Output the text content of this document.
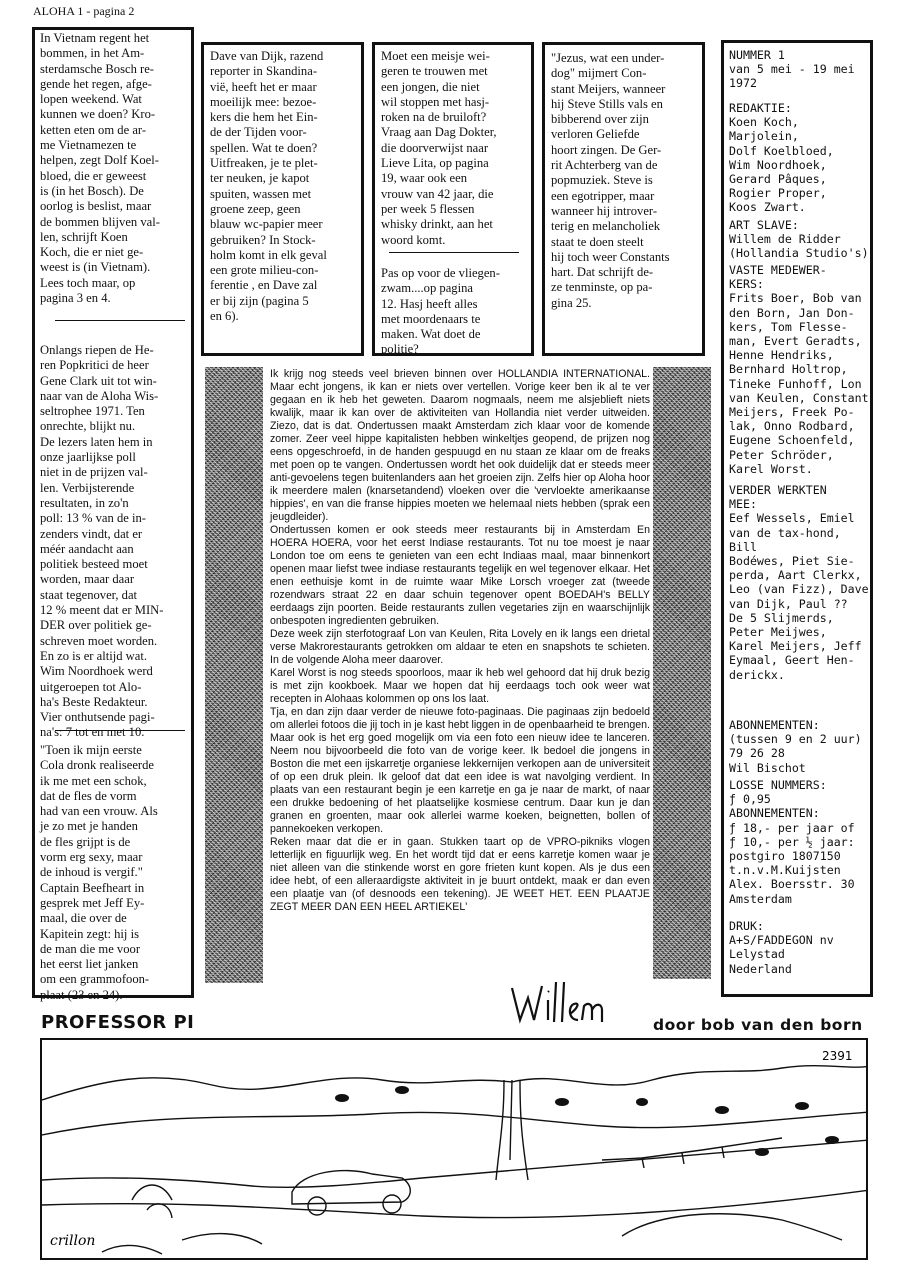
ALOHA 1 - pagina 2
In Vietnam regent het
bommen, in het Am-
sterdamsche Bosch re-
gende het regen, afge-
lopen weekend. Wat
kunnen we doen? Kro-
ketten eten om de ar-
me Vietnamezen te
helpen, zegt Dolf Koel-
bloed, die er geweest
is (in het Bosch). De
oorlog is beslist, maar
de bommen blijven val-
len, schrijft Koen
Koch, die er niet ge-
weest is (in Vietnam).
Lees toch maar, op
pagina 3 en 4.
Onlangs riepen de He-
ren Popkritici de heer
Gene Clark uit tot win-
naar van de Aloha Wis-
seltrophee 1971. Ten
onrechte, blijkt nu.
De lezers laten hem in
onze jaarlijkse poll
niet in de prijzen val-
len. Verbijsterende
resultaten, in zo'n
poll: 13 % van de in-
zenders vindt, dat er
méér aandacht aan
politiek besteed moet
worden, maar daar
staat tegenover, dat
12 % meent dat er MIN-
DER over politiek ge-
schreven moet worden.
En zo is er altijd wat.
Wim Noordhoek werd
uitgeroepen tot Alo-
ha's Beste Redakteur.
Vier onthutsende pagi-
na's: 7 tot en met 10.
"Toen ik mijn eerste
Cola dronk realiseerde
ik me met een schok,
dat de fles de vorm
had van een vrouw. Als
je zo met je handen
de fles grijpt is de
vorm erg sexy, maar
de inhoud is vergif."
Captain Beefheart in
gesprek met Jeff Ey-
maal, die over de
Kapitein zegt: hij is
de man die me voor
het eerst liet janken
om een grammofoon-
plaat (23 en 24).
Dave van Dijk, razend
reporter in Skandina-
vië, heeft het er maar
moeilijk mee: bezoe-
kers die hem het Ein-
de der Tijden voor-
spellen. Wat te doen?
Uitfreaken, je te plet-
ter neuken, je kapot
spuiten, wassen met
groene zeep, geen
blauw wc-papier meer
gebruiken? In Stock-
holm komt in elk geval
een grote milieu-con-
ferentie , en Dave zal
er bij zijn (pagina 5
en 6).
Moet een meisje wei-
geren te trouwen met
een jongen, die niet
wil stoppen met hasj-
roken na de bruiloft?
Vraag aan Dag Dokter,
die doorverwijst naar
Lieve Lita, op pagina
19, waar ook een
vrouw van 42 jaar, die
per week 5 flessen
whisky drinkt, aan het
woord komt.
Pas op voor de vliegen-
zwam....op pagina
12. Hasj heeft alles
met moordenaars te
maken. Wat doet de
politie?
"Jezus, wat een under-
dog" mijmert Con-
stant Meijers, wanneer
hij Steve Stills vals en
bibberend over zijn
verloren Geliefde
hoort zingen. De Ger-
rit Achterberg van de
popmuziek. Steve is
een egotripper, maar
wanneer hij introver-
terig en melancholiek
staat te doen steelt
hij toch weer Constants
hart. Dat schrijft de-
ze tenminste, op pa-
gina 25.
NUMMER 1
van 5 mei - 19 mei
1972
REDAKTIE:
Koen Koch,
Marjolein,
Dolf Koelbloed,
Wim Noordhoek,
Gerard Pâques,
Rogier Proper,
Koos Zwart.
ART SLAVE:
Willem de Ridder
(Hollandia Studio's)
VASTE MEDEWER-
KERS:
Frits Boer, Bob van
den Born, Jan Don-
kers, Tom Flesse-
man, Evert Geradts,
Henne Hendriks,
Bernhard Holtrop,
Tineke Funhoff, Lon
van Keulen, Constant
Meijers, Freek Po-
lak, Onno Rodbard,
Eugene Schoenfeld,
Peter Schröder,
Karel Worst.
VERDER WERKTEN
MEE:
Eef Wessels, Emiel
van de tax-hond, Bill
Bodéwes, Piet Sie-
perda, Aart Clerkx,
Leo (van Fizz), Dave
van Dijk, Paul ??
De 5 Slijmerds,
Peter Meijwes,
Karel Meijers, Jeff
Eymaal, Geert Hen-
derickx.
ABONNEMENTEN:
(tussen 9 en 2 uur)
79 26 28
Wil Bischot
LOSSE NUMMERS:
ƒ 0,95
ABONNEMENTEN:
ƒ 18,- per jaar of
ƒ 10,- per ½ jaar:
postgiro 1807150
t.n.v.M.Kuijsten
Alex. Boersstr. 30
Amsterdam
DRUK:
A+S/FADDEGON nv
Lelystad
Nederland
Ik krijg nog steeds veel brieven binnen over HOLLANDIA INTERNATIONAL. Maar echt jongens, ik kan er niets over vertellen. Vorige keer ben ik al te ver gegaan en ik heb het geweten. Daarom nogmaals, neem me alsjeblieft niets kwalijk, maar ik kan over de aktiviteiten van Hollandia niet verder uitweiden. Ziezo, dat is dat. Ondertussen maakt Amsterdam zich klaar voor de komende zomer. Zeer veel hippe kapitalisten hebben winkeltjes geopend, de prijzen nog eens opgeschroefd, in de handen gespuugd en nu staan ze klaar om de freaks met poen op te vangen. Ondertussen wordt het ook duidelijk dat er steeds meer anti-gevoelens tegen buitenlanders aan het groeien zijn. Zelfs hier op Aloha hoor ik meerdere malen (knarsetandend) vloeken over die 'vervloekte amerikaanse hippies', en van die franse hippies moeten we helemaal niets hebben (sprak een jeugdleider).
Ondertussen komen er ook steeds meer restaurants bij in Amsterdam En HOERA HOERA, voor het eerst Indiase restaurants. Tot nu toe moest je naar London toe om eens te genieten van een echt Indiaas maal, maar binnenkort openen maar liefst twee indiase restaurants tegelijk en wel tegenover elkaar. Het enen eethuisje komt in de ruimte waar Mike Lorsch vroeger zat (tweede rozendwars straat 22 en daar schuin tegenover opent BOEDAH's BELLY eerdaags zijn poorten. Beide restaurants zullen vegetaries zijn en waarschijnlijk onbespoten ingredienten gebruiken.
Deze week zijn sterfotograaf Lon van Keulen, Rita Lovely en ik langs een drietal verse Makrorestaurants getrokken om aldaar te eten en snapshots te schieten. In de volgende Aloha meer daarover.
Karel Worst is nog steeds spoorloos, maar ik heb wel gehoord dat hij druk bezig is met zijn kookboek. Maar we hopen dat hij eerdaags toch ook weer wat recepten in Alohaas kolommen op ons los laat.
Tja, en dan zijn daar verder de nieuwe foto-paginaas. Die paginaas zijn bedoeld om allerlei fotoos die jij toch in je kast hebt liggen in de openbaarheid te brengen. Maar ook is het erg goed mogelijk om via een foto een nieuw idee te lanceren. Neem nou bijvoorbeeld die foto van de vorige keer. Ik bedoel die jongens in Boston die met een ijskarretje organiese lekkernijen verkopen aan de universiteit of op een druk plein. Ik geloof dat dat een idee is wat navolging verdient. In plaats van een restaurant begin je een karretje en ga je naar de markt, of naar een drukke bedoening of het plaatselijke kosmiese centrum. Daar kun je dan granen en groenten, maar ook allerlei warme koeken, beignetten, bollen of pannekoeken verkopen.
Reken maar dat die er in gaan. Stukken taart op de VPRO-pikniks vlogen letterlijk en figuurlijk weg. En het wordt tijd dat er eens karretje komen waar je niet alleen van die stinkende worst en gore frieten kunt kopen. Als je dus een idee hebt, of een alleraardigste aktiviteit in je buurt ontdekt, maak er dan even een plaatje van (of desnoods een tekening). JE WEET HET. EEN PLAATJE ZEGT MEER DAN EEN HEEL ARTIEKEL'
PROFESSOR PI	door bob van den born
2391
crillon
